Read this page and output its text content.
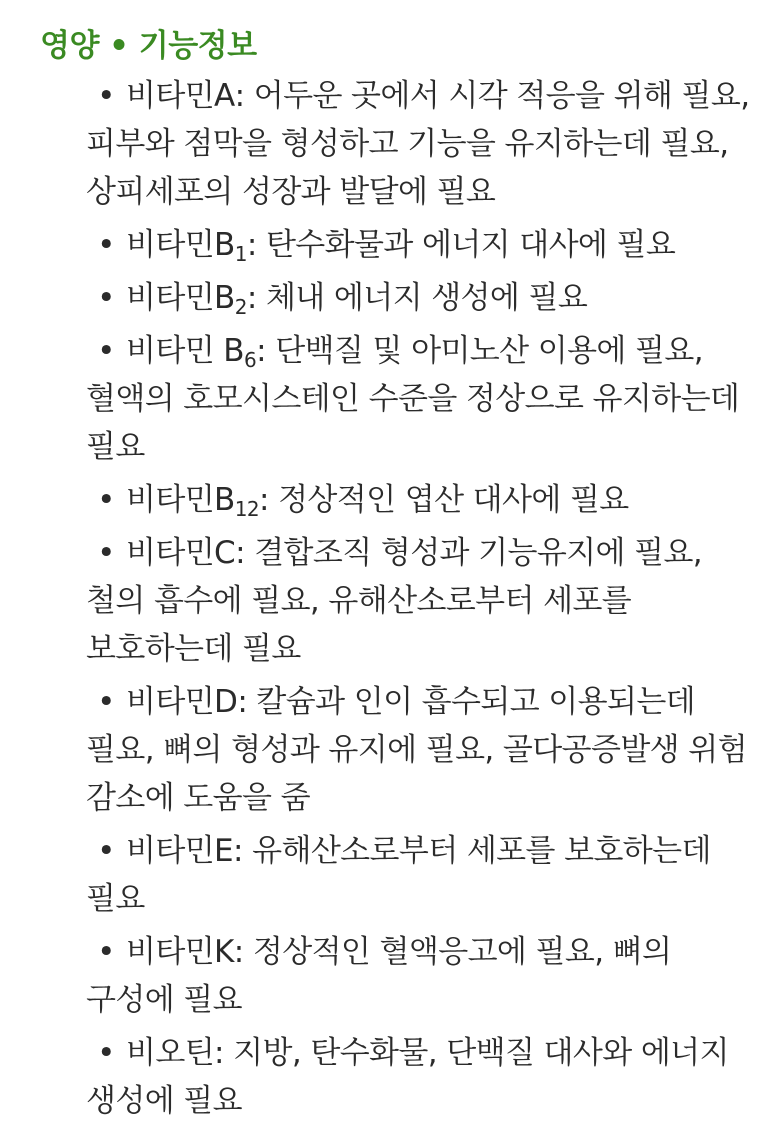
영양 • 기능정보
• 비타민A: 어두운 곳에서 시각 적응을 위해 필요, 피부와 점막을 형성하고 기능을 유지하는데 필요, 상피세포의 성장과 발달에 필요
• 비타민$B_1$: 탄수화물과 에너지 대사에 필요
• 비타민$B_2$: 체내 에너지 생성에 필요
• 비타민 $B_6$: 단백질 및 아미노산 이용에 필요, 혈액의 호모시스테인 수준을 정상으로 유지하는데 필요
• 비타민$B_{12}$: 정상적인 엽산 대사에 필요
• 비타민C: 결합조직 형성과 기능유지에 필요, 철의 흡수에 필요, 유해산소로부터 세포를 보호하는데 필요
• 비타민D: 칼슘과 인이 흡수되고 이용되는데 필요, 뼈의 형성과 유지에 필요, 골다공증발생 위험 감소에 도움을 줌
• 비타민E: 유해산소로부터 세포를 보호하는데 필요
• 비타민K: 정상적인 혈액응고에 필요, 뼈의 구성에 필요
• 비오틴: 지방, 탄수화물, 단백질 대사와 에너지 생성에 필요
